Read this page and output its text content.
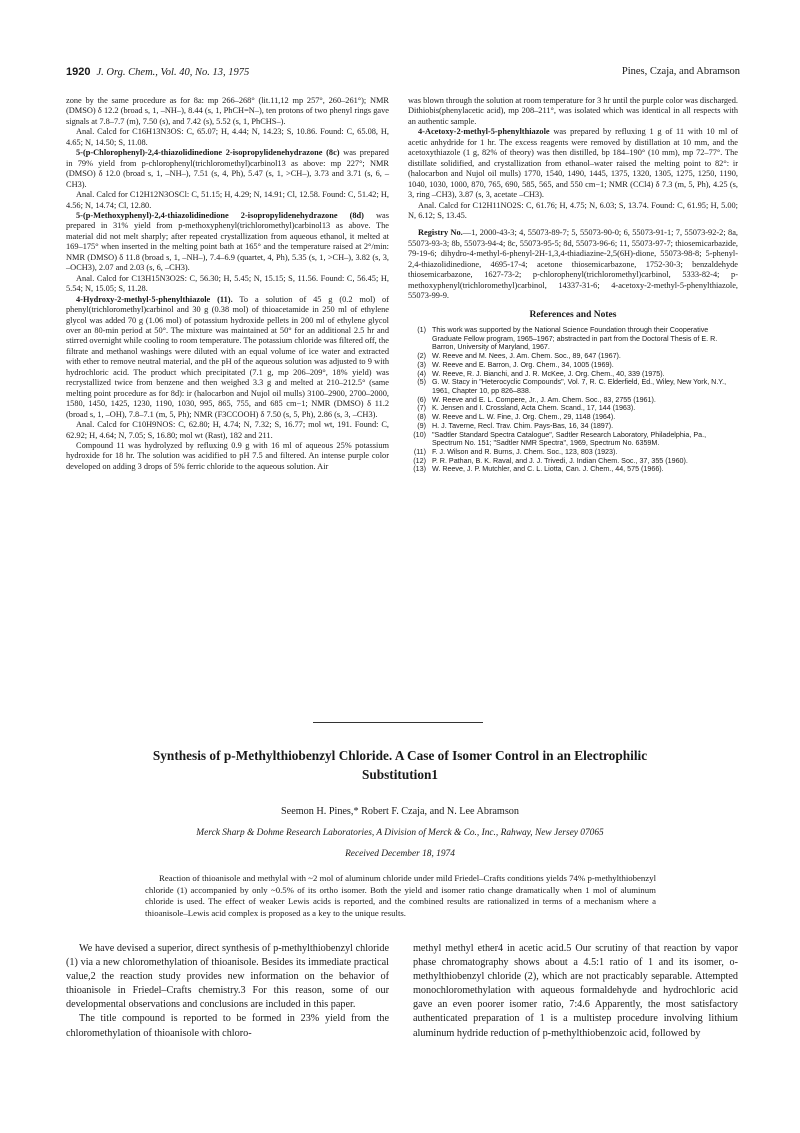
1920 J. Org. Chem., Vol. 40, No. 13, 1975	Pines, Czaja, and Abramson

zone by the same procedure as for 8a: mp 266–268° (lit.11,12 mp 257°, 260–261°); NMR (DMSO) δ 12.2 (broad s, 1, –NH–), 8.44 (s, 1, PhCH=N–), ten protons of two phenyl rings gave signals at 7.8–7.7 (m), 7.50 (s), and 7.42 (s), 5.52 (s, 1, PhCHS–).

Anal. Calcd for C16H13N3OS: C, 65.07; H, 4.44; N, 14.23; S, 10.86. Found: C, 65.08, H, 4.65; N, 14.50; S, 11.08.

5-(p-Chlorophenyl)-2,4-thiazolidinedione 2-isopropylidenehydrazone (8c) was prepared in 79% yield from p-chlorophenyl(trichloromethyl)carbinol13 as above: mp 227°; NMR (DMSO) δ 12.0 (broad s, 1, –NH–), 7.51 (s, 4, Ph), 5.47 (s, 1, >CH–), 3.73 and 3.71 (s, 6, –CH3).

Anal. Calcd for C12H12N3OSCl: C, 51.15; H, 4.29; N, 14.91; Cl, 12.58. Found: C, 51.42; H, 4.56; N, 14.74; Cl, 12.80.

5-(p-Methoxyphenyl)-2,4-thiazolidinedione 2-isopropylidenehydrazone (8d) was prepared in 31% yield from p-methoxyphenyl(trichloromethyl)carbinol13 as above. The material did not melt sharply; after repeated crystallization from aqueous ethanol, it melted at 169–175° when inserted in the melting point bath at 165° and the temperature raised at 2°/min: NMR (DMSO) δ 11.8 (broad s, 1, –NH–), 7.4–6.9 (quartet, 4, Ph), 5.35 (s, 1, >CH–), 3.82 (s, 3, –OCH3), 2.07 and 2.03 (s, 6, –CH3).

Anal. Calcd for C13H15N3O2S: C, 56.30; H, 5.45; N, 15.15; S, 11.56. Found: C, 56.45; H, 5.54; N, 15.05; S, 11.28.

4-Hydroxy-2-methyl-5-phenylthiazole (11). To a solution of 45 g (0.2 mol) of phenyl(trichloromethyl)carbinol and 30 g (0.38 mol) of thioacetamide in 250 ml of ethylene glycol was added 70 g (1.06 mol) of potassium hydroxide pellets in 200 ml of ethylene glycol over an 80-min period at 50°. The mixture was maintained at 50° for an additional 2.5 hr and stirred overnight while cooling to room temperature. The potassium chloride was filtered off, the filtrate and methanol washings were diluted with an equal volume of ice water and extracted with ether to remove neutral material, and the pH of the aqueous solution was adjusted to 9 with hydrochloric acid. The product which precipitated (7.1 g, mp 206–209°, 18% yield) was recrystallized twice from benzene and then weighed 3.3 g and melted at 210–212.5° (same melting point procedure as for 8d): ir (halocarbon and Nujol oil mulls) 3100–2900, 2700–2000, 1580, 1450, 1425, 1230, 1190, 1030, 995, 865, 755, and 685 cm−1; NMR (DMSO) δ 11.2 (broad s, 1, –OH), 7.8–7.1 (m, 5, Ph); NMR (F3CCOOH) δ 7.50 (s, 5, Ph), 2.86 (s, 3, –CH3).

Anal. Calcd for C10H9NOS: C, 62.80; H, 4.74; N, 7.32; S, 16.77; mol wt, 191. Found: C, 62.92; H, 4.64; N, 7.05; S, 16.80; mol wt (Rast), 182 and 211.

Compound 11 was hydrolyzed by refluxing 0.9 g with 16 ml of aqueous 25% potassium hydroxide for 18 hr. The solution was acidified to pH 7.5 and filtered. An intense purple color developed on adding 3 drops of 5% ferric chloride to the aqueous solution. Air

was blown through the solution at room temperature for 3 hr until the purple color was discharged. Dithiobis(phenylacetic acid), mp 208–211°, was isolated which was identical in all respects with an authentic sample.

4-Acetoxy-2-methyl-5-phenylthiazole was prepared by refluxing 1 g of 11 with 10 ml of acetic anhydride for 1 hr. The excess reagents were removed by distillation at 10 mm, and the acetoxythiazole (1 g, 82% of theory) was then distilled, bp 184–190° (10 mm), mp 72–77°. The distillate solidified, and crystallization from ethanol–water raised the melting point to 82°: ir (halocarbon and Nujol oil mulls) 1770, 1540, 1490, 1445, 1375, 1320, 1305, 1275, 1250, 1190, 1040, 1030, 1000, 870, 765, 690, 585, 565, and 550 cm−1; NMR (CCl4) δ 7.3 (m, 5, Ph), 4.25 (s, 3, ring –CH3), 3.87 (s, 3, acetate –CH3).

Anal. Calcd for C12H11NO2S: C, 61.76; H, 4.75; N, 6.03; S, 13.74. Found: C, 61.95; H, 5.00; N, 6.12; S, 13.45.

Registry No.—1, 2000-43-3; 4, 55073-89-7; 5, 55073-90-0; 6, 55073-91-1; 7, 55073-92-2; 8a, 55073-93-3; 8b, 55073-94-4; 8c, 55073-95-5; 8d, 55073-96-6; 11, 55073-97-7; thiosemicarbazide, 79-19-6; dihydro-4-methyl-6-phenyl-2H-1,3,4-thiadiazine-2,5(6H)-dione, 55073-98-8; 5-phenyl-2,4-thiazolidinedione, 4695-17-4; acetone thiosemicarbazone, 1752-30-3; benzaldehyde thiosemicarbazone, 1627-73-2; p-chlorophenyl(trichloromethyl)carbinol, 5333-82-4; p-methoxyphenyl(trichloromethyl)carbinol, 14337-31-6; 4-acetoxy-2-methyl-5-phenylthiazole, 55073-99-9.

References and Notes
(1) This work was supported by the National Science Foundation through their Cooperative Graduate Fellow program, 1965–1967; abstracted in part from the Doctoral Thesis of E. R. Barron, University of Maryland, 1967.
(2) W. Reeve and M. Nees, J. Am. Chem. Soc., 89, 647 (1967).
(3) W. Reeve and E. Barron, J. Org. Chem., 34, 1005 (1969).
(4) W. Reeve, R. J. Bianchi, and J. R. McKee, J. Org. Chem., 40, 339 (1975).
(5) G. W. Stacy in "Heterocyclic Compounds", Vol. 7, R. C. Elderfield, Ed., Wiley, New York, N.Y., 1961, Chapter 10, pp 826–838.
(6) W. Reeve and E. L. Compere, Jr., J. Am. Chem. Soc., 83, 2755 (1961).
(7) K. Jensen and I. Crossland, Acta Chem. Scand., 17, 144 (1963).
(8) W. Reeve and L. W. Fine, J. Org. Chem., 29, 1148 (1964).
(9) H. J. Taverne, Recl. Trav. Chim. Pays-Bas, 16, 34 (1897).
(10) "Sadtler Standard Spectra Catalogue", Sadtler Research Laboratory, Philadelphia, Pa., Spectrum No. 151; "Sadtler NMR Spectra", 1969, Spectrum No. 6359M.
(11) F. J. Wilson and R. Burns, J. Chem. Soc., 123, 803 (1923).
(12) P. R. Pathan, B. K. Raval, and J. J. Trivedi, J. Indian Chem. Soc., 37, 355 (1960).
(13) W. Reeve, J. P. Mutchler, and C. L. Liotta, Can. J. Chem., 44, 575 (1966).
Synthesis of p-Methylthiobenzyl Chloride. A Case of Isomer Control in an Electrophilic Substitution1
Seemon H. Pines,* Robert F. Czaja, and N. Lee Abramson
Merck Sharp & Dohme Research Laboratories, A Division of Merck & Co., Inc., Rahway, New Jersey 07065
Received December 18, 1974

Reaction of thioanisole and methylal with ~2 mol of aluminum chloride under mild Friedel–Crafts conditions yields 74% p-methylthiobenzyl chloride (1) accompanied by only ~0.5% of its ortho isomer. Both the yield and isomer ratio change dramatically when 1 mol of aluminum chloride is used. The effect of weaker Lewis acids is reported, and the combined results are rationalized in terms of a mechanism where a thioanisole–Lewis acid complex is proposed as a key to the unique results.

We have devised a superior, direct synthesis of p-methylthiobenzyl chloride (1) via a new chloromethylation of thioanisole. Besides its immediate practical value,2 the reaction study provides new information on the behavior of thioanisole in Friedel–Crafts chemistry.3 For this reason, some of our developmental observations and conclusions are included in this paper.

The title compound is reported to be formed in 23% yield from the chloromethylation of thioanisole with chloro-

methyl methyl ether4 in acetic acid.5 Our scrutiny of that reaction by vapor phase chromatography shows about a 4.5:1 ratio of 1 and its isomer, o-methylthiobenzyl chloride (2), which are not practicably separable. Attempted monochloromethylation with aqueous formaldehyde and hydrochloric acid gave an even poorer isomer ratio, 7:4.6 Apparently, the most satisfactory authenticated preparation of 1 is a multistep procedure involving lithium aluminum hydride reduction of p-methylthiobenzoic acid, followed by
